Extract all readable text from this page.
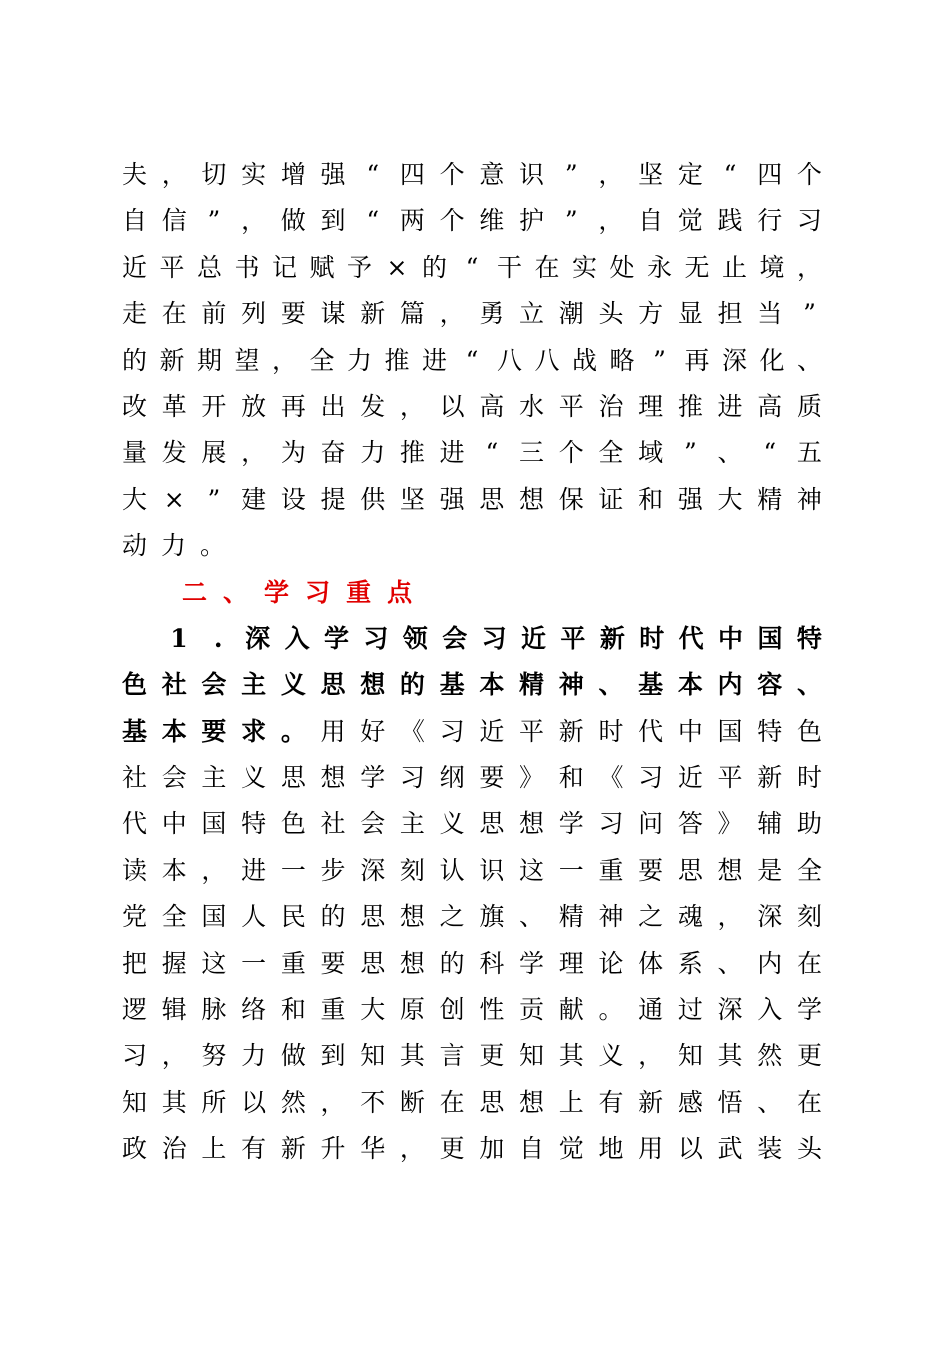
夫 ， 切 实 增 强 “ 四 个 意 识 ” ， 坚 定 “ 四 个
自 信 ” ， 做 到 “ 两 个 维 护 ” ， 自 觉 践 行 习
近 平 总 书 记 赋 予 × 的 “ 干 在 实 处 永 无 止 境 ，
走 在 前 列 要 谋 新 篇 ， 勇 立 潮 头 方 显 担 当 ”
的 新 期 望 ， 全 力 推 进 “ 八 八 战 略 ” 再 深 化 、
改 革 开 放 再 出 发 ， 以 高 水 平 治 理 推 进 高 质
量 发 展 ， 为 奋 力 推 进 “ 三 个 全 域 ” 、 “ 五
大 × ” 建 设 提 供 坚 强 思 想 保 证 和 强 大 精 神
动 力 。
二 、 学 习 重 点

1	. 深 入 学 习 领 会 习 近 平 新 时 代 中 国 特
色 社 会 主 义 思 想 的 基 本 精 神 、 基 本 内 容 、
基 本 要 求 。 用 好 《 习 近 平 新 时 代 中 国 特 色
社 会 主 义 思 想 学 习 纲 要 》 和 《 习 近 平 新 时
代 中 国 特 色 社 会 主 义 思 想 学 习 问 答 》 辅 助
读 本 ， 进 一 步 深 刻 认 识 这 一 重 要 思 想 是 全
党 全 国 人 民 的 思 想 之 旗 、 精 神 之 魂 ， 深 刻
把 握 这 一 重 要 思 想 的 科 学 理 论 体 系 、 内 在
逻 辑 脉 络 和 重 大 原 创 性 贡 献 。 通 过 深 入 学
习 ， 努 力 做 到 知 其 言 更 知 其 义 ， 知 其 然 更
知 其 所 以 然 ， 不 断 在 思 想 上 有 新 感 悟 、 在
政 治 上 有 新 升 华 ， 更 加 自 觉 地 用 以 武 装 头
